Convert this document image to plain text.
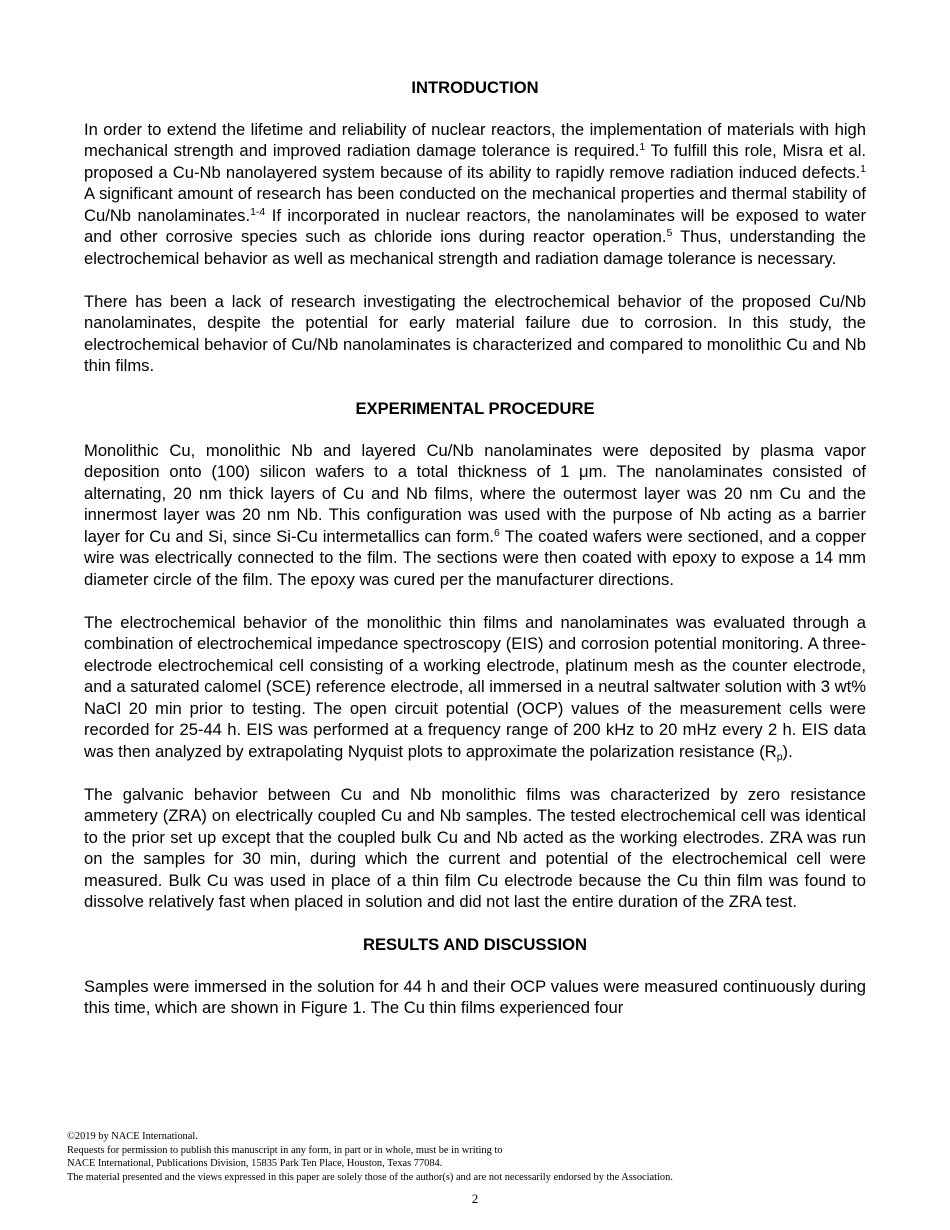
INTRODUCTION

In order to extend the lifetime and reliability of nuclear reactors, the implementation of materials with high mechanical strength and improved radiation damage tolerance is required.$^1$ To fulfill this role, Misra et al. proposed a Cu-Nb nanolayered system because of its ability to rapidly remove radiation induced defects.$^1$ A significant amount of research has been conducted on the mechanical properties and thermal stability of Cu/Nb nanolaminates.$^{1-4}$ If incorporated in nuclear reactors, the nanolaminates will be exposed to water and other corrosive species such as chloride ions during reactor operation.$^5$ Thus, understanding the electrochemical behavior as well as mechanical strength and radiation damage tolerance is necessary.

There has been a lack of research investigating the electrochemical behavior of the proposed Cu/Nb nanolaminates, despite the potential for early material failure due to corrosion. In this study, the electrochemical behavior of Cu/Nb nanolaminates is characterized and compared to monolithic Cu and Nb thin films.

EXPERIMENTAL PROCEDURE

Monolithic Cu, monolithic Nb and layered Cu/Nb nanolaminates were deposited by plasma vapor deposition onto (100) silicon wafers to a total thickness of 1 μm. The nanolaminates consisted of alternating, 20 nm thick layers of Cu and Nb films, where the outermost layer was 20 nm Cu and the innermost layer was 20 nm Nb. This configuration was used with the purpose of Nb acting as a barrier layer for Cu and Si, since Si-Cu intermetallics can form.$^6$ The coated wafers were sectioned, and a copper wire was electrically connected to the film. The sections were then coated with epoxy to expose a 14 mm diameter circle of the film. The epoxy was cured per the manufacturer directions.

The electrochemical behavior of the monolithic thin films and nanolaminates was evaluated through a combination of electrochemical impedance spectroscopy (EIS) and corrosion potential monitoring. A three-electrode electrochemical cell consisting of a working electrode, platinum mesh as the counter electrode, and a saturated calomel (SCE) reference electrode, all immersed in a neutral saltwater solution with 3 wt% NaCl 20 min prior to testing. The open circuit potential (OCP) values of the measurement cells were recorded for 25-44 h. EIS was performed at a frequency range of 200 kHz to 20 mHz every 2 h. EIS data was then analyzed by extrapolating Nyquist plots to approximate the polarization resistance $(R_p)$.

The galvanic behavior between Cu and Nb monolithic films was characterized by zero resistance ammetery (ZRA) on electrically coupled Cu and Nb samples. The tested electrochemical cell was identical to the prior set up except that the coupled bulk Cu and Nb acted as the working electrodes. ZRA was run on the samples for 30 min, during which the current and potential of the electrochemical cell were measured. Bulk Cu was used in place of a thin film Cu electrode because the Cu thin film was found to dissolve relatively fast when placed in solution and did not last the entire duration of the ZRA test.

RESULTS AND DISCUSSION

Samples were immersed in the solution for 44 h and their OCP values were measured continuously during this time, which are shown in Figure 1. The Cu thin films experienced four

©2019 by NACE International.
Requests for permission to publish this manuscript in any form, in part or in whole, must be in writing to
NACE International, Publications Division, 15835 Park Ten Place, Houston, Texas 77084.
The material presented and the views expressed in this paper are solely those of the author(s) and are not necessarily endorsed by the Association.
2
